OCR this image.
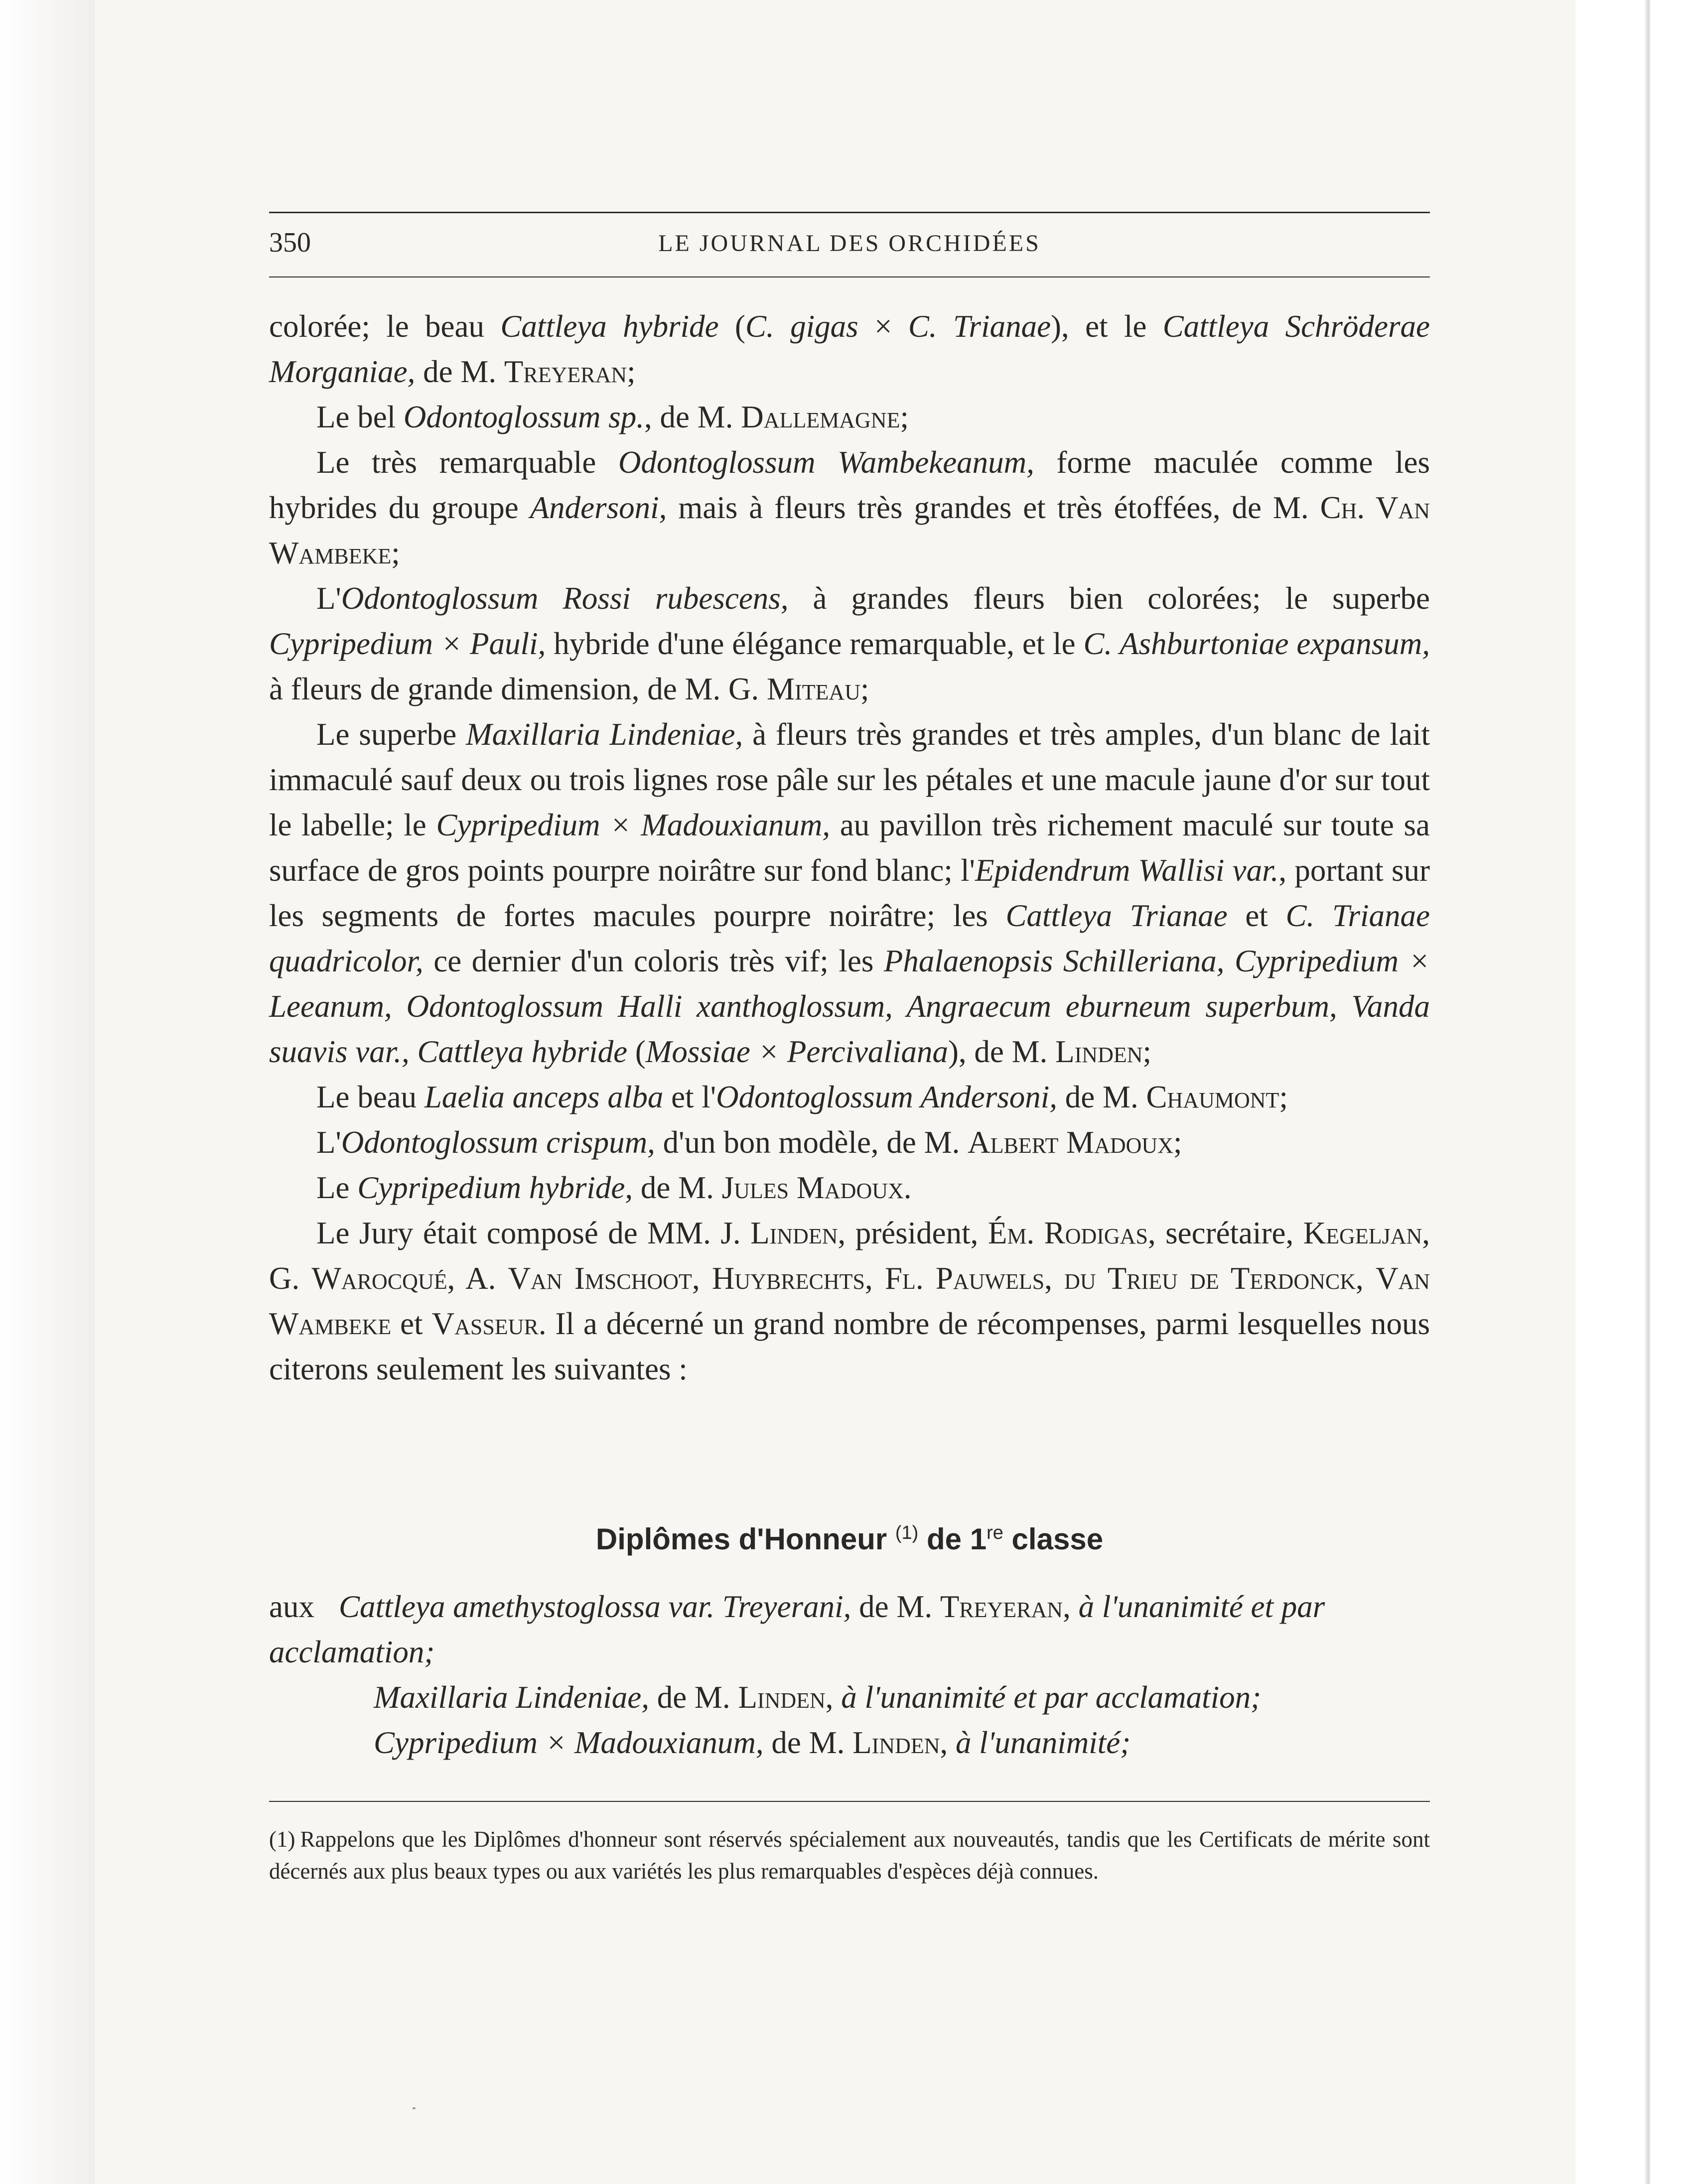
350	LE JOURNAL DES ORCHIDÉES

colorée; le beau Cattleya hybride (C. gigas × C. Trianae), et le Cattleya Schröderae Morganiae, de M. Treyeran;

Le bel Odontoglossum sp., de M. Dallemagne;

Le très remarquable Odontoglossum Wambekeanum, forme maculée comme les hybrides du groupe Andersoni, mais à fleurs très grandes et très étoffées, de M. Ch. Van Wambeke;

L'Odontoglossum Rossi rubescens, à grandes fleurs bien colorées; le superbe Cypripedium × Pauli, hybride d'une élégance remarquable, et le C. Ashburtoniae expansum, à fleurs de grande dimension, de M. G. Miteau;

Le superbe Maxillaria Lindeniae, à fleurs très grandes et très amples, d'un blanc de lait immaculé sauf deux ou trois lignes rose pâle sur les pétales et une macule jaune d'or sur tout le labelle; le Cypripedium × Madouxianum, au pavillon très richement maculé sur toute sa surface de gros points pourpre noirâtre sur fond blanc; l'Epidendrum Wallisi var., portant sur les segments de fortes macules pourpre noirâtre; les Cattleya Trianae et C. Trianae quadricolor, ce dernier d'un coloris très vif; les Phalaenopsis Schilleriana, Cypripedium × Leeanum, Odontoglossum Halli xanthoglossum, Angraecum eburneum superbum, Vanda suavis var., Cattleya hybride (Mossiae × Percivaliana), de M. Linden;

Le beau Laelia anceps alba et l'Odontoglossum Andersoni, de M. Chaumont;

L'Odontoglossum crispum, d'un bon modèle, de M. Albert Madoux;

Le Cypripedium hybride, de M. Jules Madoux.

Le Jury était composé de MM. J. Linden, président, Ém. Rodigas, secrétaire, Kegeljan, G. Warocqué, A. Van Imschoot, Huybrechts, Fl. Pauwels, du Trieu de Terdonck, Van Wambeke et Vasseur. Il a décerné un grand nombre de récompenses, parmi lesquelles nous citerons seulement les suivantes :

Diplômes d'Honneur $^{(1)}$ de 1re classe
aux Cattleya amethystoglossa var. Treyerani, de M. Treyeran, à l'unanimité et par acclamation;
Maxillaria Lindeniae, de M. Linden, à l'unanimité et par acclamation;
Cypripedium × Madouxianum, de M. Linden, à l'unanimité;
(1) Rappelons que les Diplômes d'honneur sont réservés spécialement aux nouveautés, tandis que les Certificats de mérite sont décernés aux plus beaux types ou aux variétés les plus remarquables d'espèces déjà connues.
